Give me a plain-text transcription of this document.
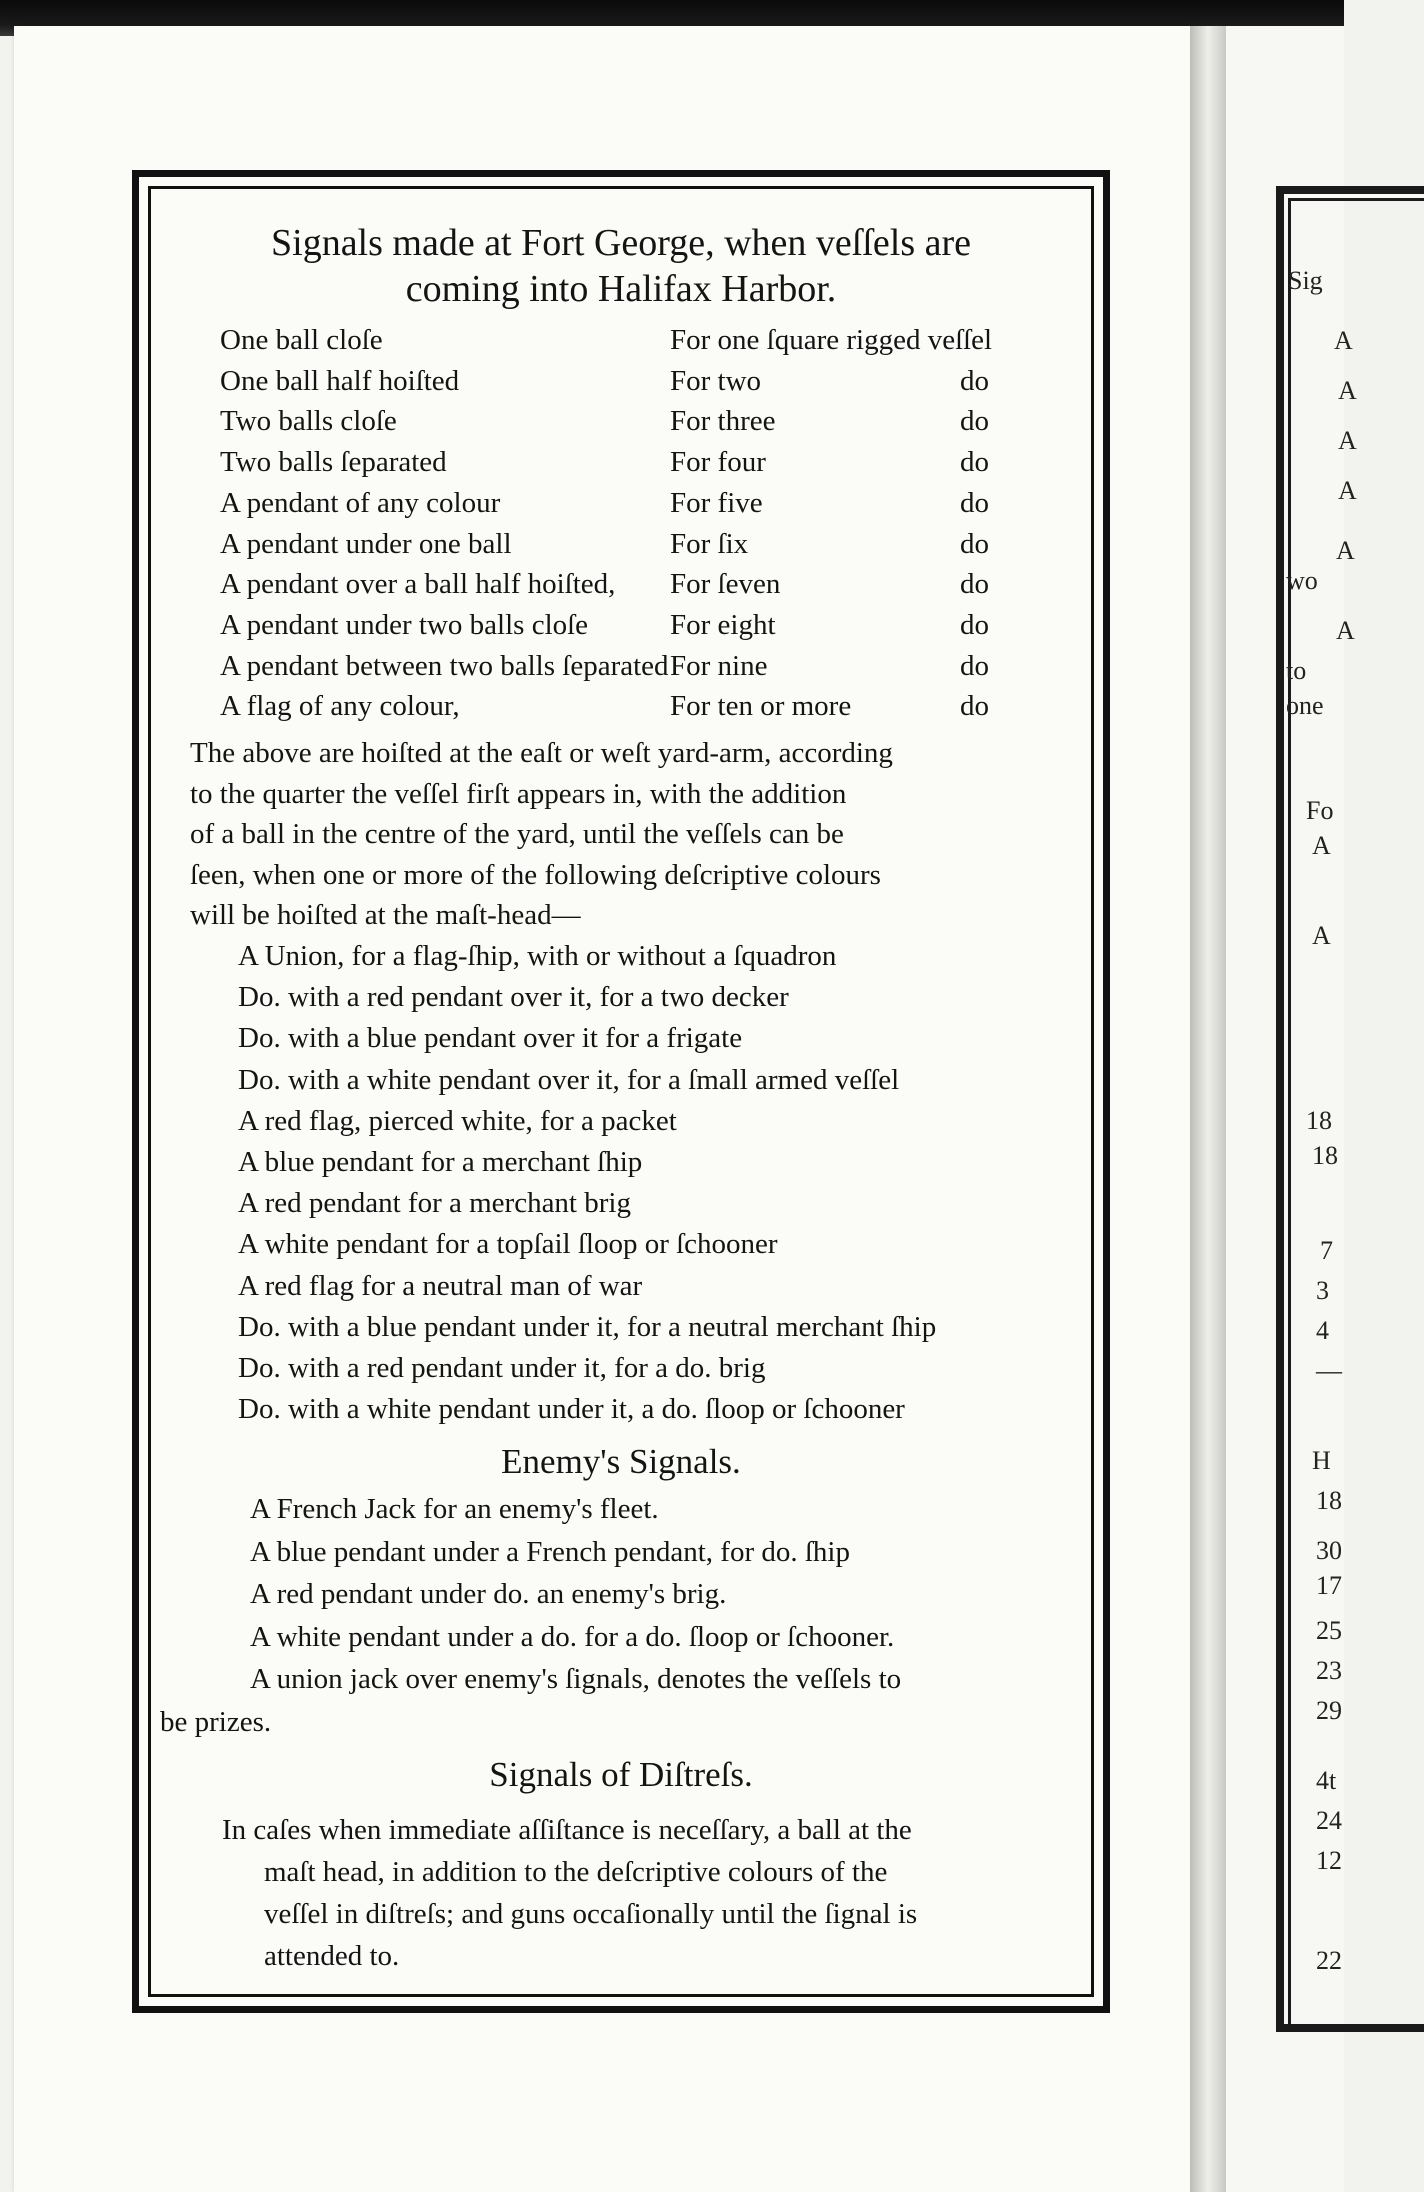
Sig
A
A
A
A
A
wo
A
to
one
Fo
A
A
18
18
7
3
4
—
H
18
30
17
25
23
29
4t
24
12
22
Signals made at Fort George, when veſſels are
coming into Halifax Harbor.
One ball cloſe	For one ſquare rigged veſſel
One ball half hoiſted	For two	do
Two balls cloſe	For three	do
Two balls ſeparated	For four	do
A pendant of any colour	For five	do
A pendant under one ball	For ſix	do
A pendant over a ball half hoiſted,	For ſeven	do
A pendant under two balls cloſe	For eight	do
A pendant between two balls ſeparated For nine	do
A flag of any colour,	For ten or more	do
The above are hoiſted at the eaſt or weſt yard-arm, according
to the quarter the veſſel firſt appears in, with the addition
of a ball in the centre of the yard, until the veſſels can be
ſeen, when one or more of the following deſcriptive colours
will be hoiſted at the maſt-head—
A Union, for a flag-ſhip, with or without a ſquadron
Do. with a red pendant over it, for a two decker
Do. with a blue pendant over it for a frigate
Do. with a white pendant over it, for a ſmall armed veſſel
A red flag, pierced white, for a packet
A blue pendant for a merchant ſhip
A red pendant for a merchant brig
A white pendant for a topſail ſloop or ſchooner
A red flag for a neutral man of war
Do. with a blue pendant under it, for a neutral merchant ſhip
Do. with a red pendant under it, for a do. brig
Do. with a white pendant under it, a do. ſloop or ſchooner
Enemy's Signals.
A French Jack for an enemy's fleet.
A blue pendant under a French pendant, for do. ſhip
A red pendant under do. an enemy's brig.
A white pendant under a do. for a do. ſloop or ſchooner.
A union jack over enemy's ſignals, denotes the veſſels to
be prizes.
Signals of Diſtreſs.
In caſes when immediate aſſiſtance is neceſſary, a ball at the
maſt head, in addition to the deſcriptive colours of the
veſſel in diſtreſs; and guns occaſionally until the ſignal is
attended to.
